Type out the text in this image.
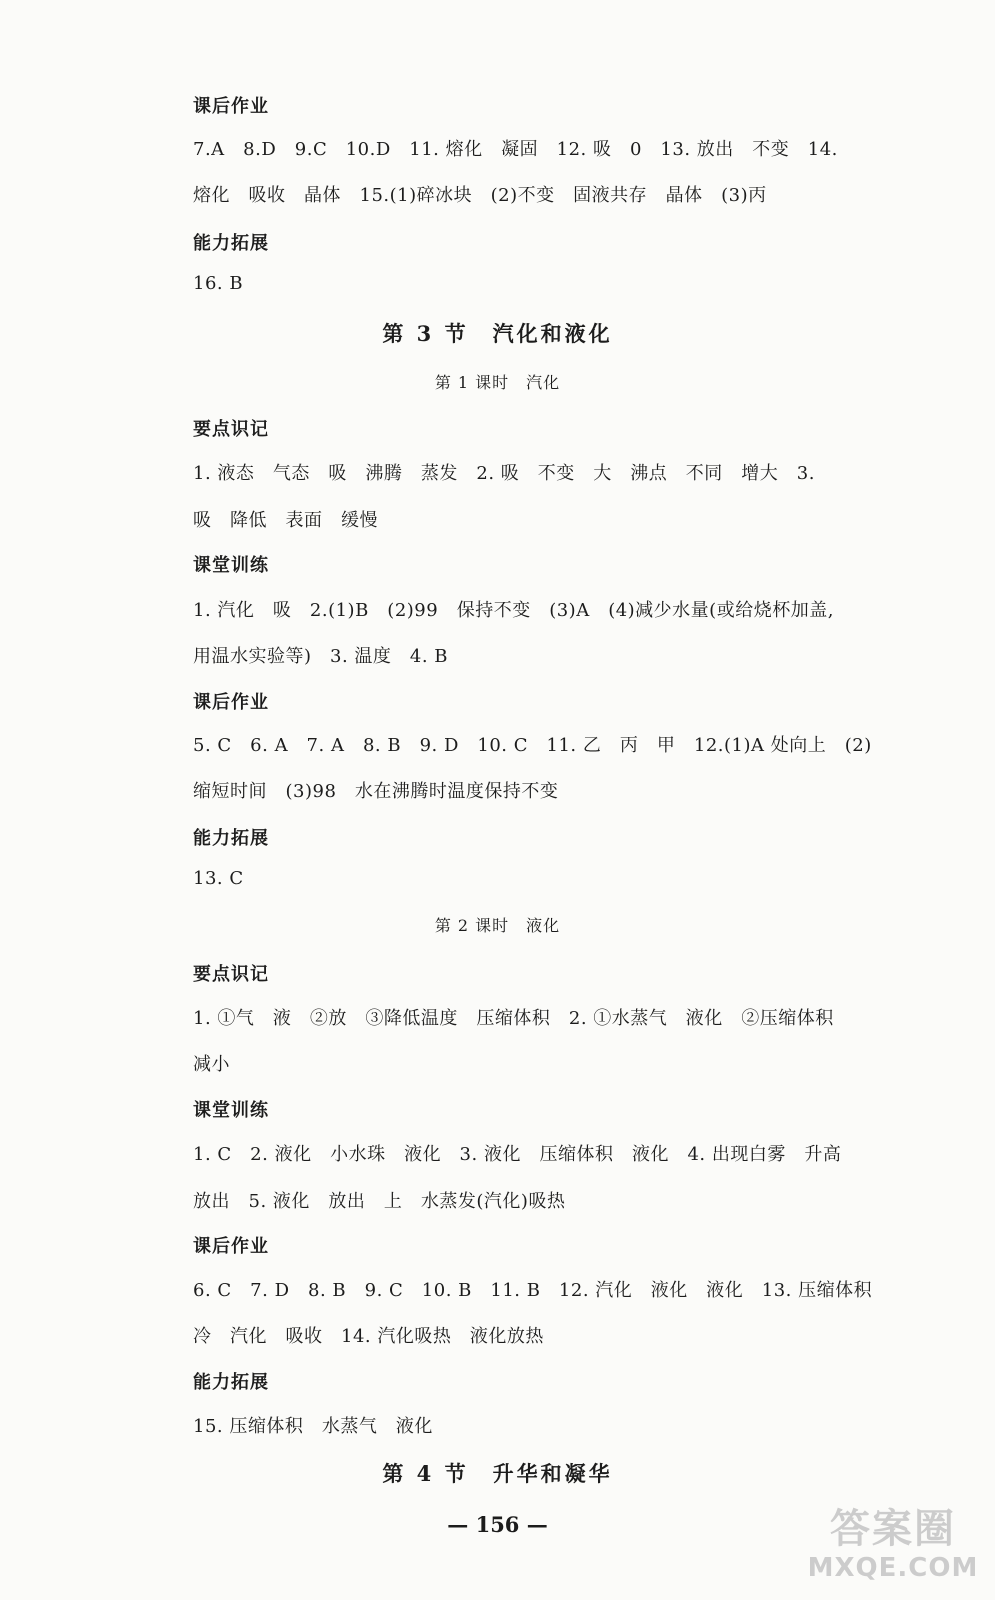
课后作业
7.A　8.D　9.C　10.D　11. 熔化　凝固　12. 吸　0　13. 放出　不变　14.
熔化　吸收　晶体　15.(1)碎冰块　(2)不变　固液共存　晶体　(3)丙
能力拓展
16. B
第 3 节　汽化和液化
第 1 课时　汽化
要点识记
1. 液态　气态　吸　沸腾　蒸发　2. 吸　不变　大　沸点　不同　增大　3.
吸　降低　表面　缓慢
课堂训练
1. 汽化　吸　2.(1)B　(2)99　保持不变　(3)A　(4)减少水量(或给烧杯加盖,
用温水实验等)　3. 温度　4. B
课后作业
5. C　6. A　7. A　8. B　9. D　10. C　11. 乙　丙　甲　12.(1)A 处向上　(2)
缩短时间　(3)98　水在沸腾时温度保持不变
能力拓展
13. C
第 2 课时　液化
要点识记
1. ①气　液　②放　③降低温度　压缩体积　2. ①水蒸气　液化　②压缩体积
减小
课堂训练
1. C　2. 液化　小水珠　液化　3. 液化　压缩体积　液化　4. 出现白雾　升高
放出　5. 液化　放出　上　水蒸发(汽化)吸热
课后作业
6. C　7. D　8. B　9. C　10. B　11. B　12. 汽化　液化　液化　13. 压缩体积
冷　汽化　吸收　14. 汽化吸热　液化放热
能力拓展
15. 压缩体积　水蒸气　液化
第 4 节　升华和凝华
— 156 —	答案圈
MXQE.COM
